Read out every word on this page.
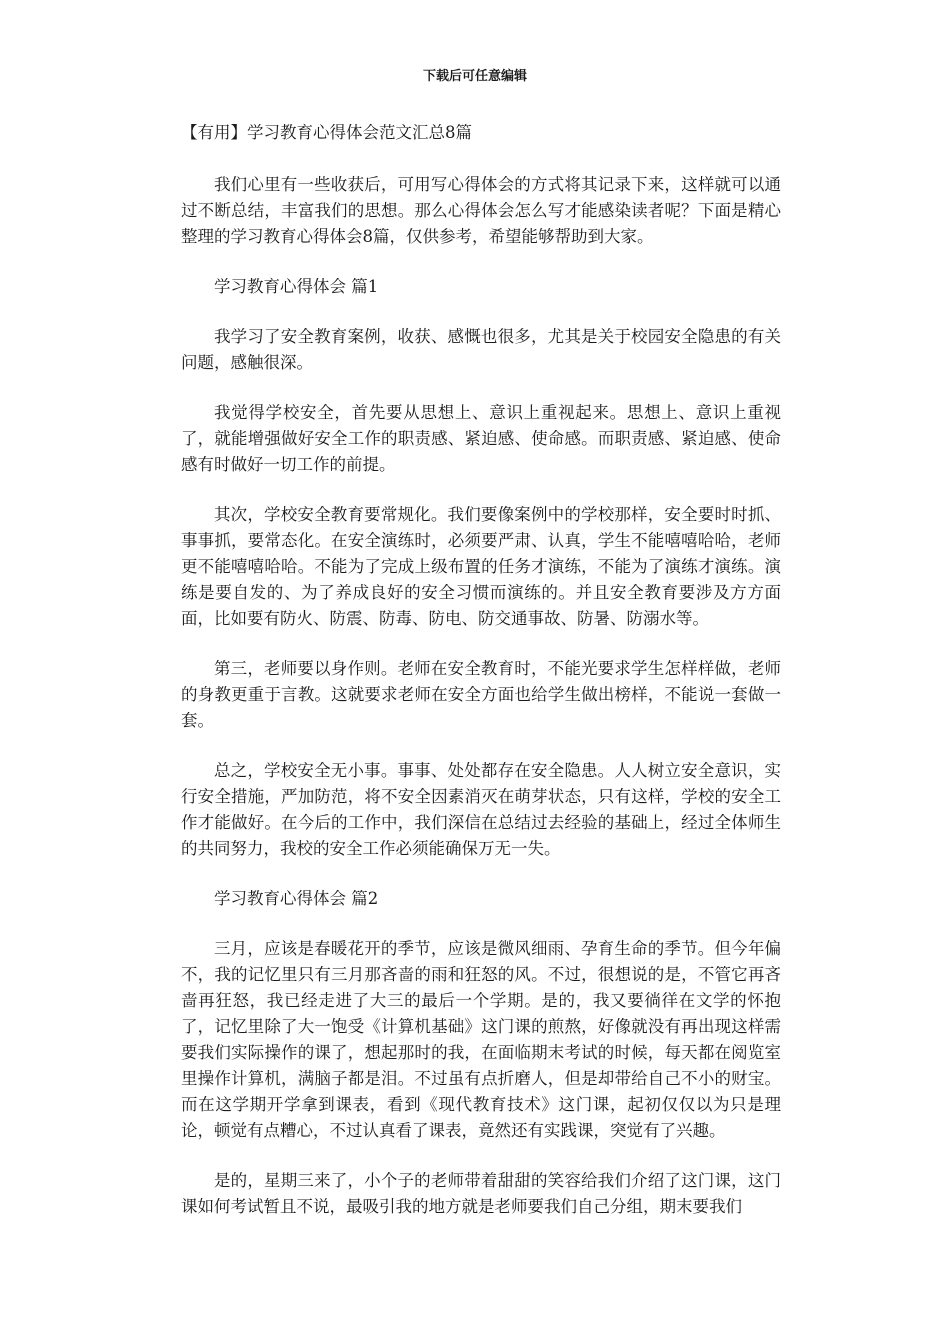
下载后可任意编辑
【有用】学习教育心得体会范文汇总8篇

我们心里有一些收获后，可用写心得体会的方式将其记录下来，这样就可以通过不断总结，丰富我们的思想。那么心得体会怎么写才能感染读者呢？下面是精心整理的学习教育心得体会8篇，仅供参考，希望能够帮助到大家。

学习教育心得体会 篇1

我学习了安全教育案例，收获、感慨也很多，尤其是关于校园安全隐患的有关问题，感触很深。

我觉得学校安全，首先要从思想上、意识上重视起来。思想上、意识上重视了，就能增强做好安全工作的职责感、紧迫感、使命感。而职责感、紧迫感、使命感有时做好一切工作的前提。

其次，学校安全教育要常规化。我们要像案例中的学校那样，安全要时时抓、事事抓，要常态化。在安全演练时，必须要严肃、认真，学生不能嘻嘻哈哈，老师更不能嘻嘻哈哈。不能为了完成上级布置的任务才演练，不能为了演练才演练。演练是要自发的、为了养成良好的安全习惯而演练的。并且安全教育要涉及方方面面，比如要有防火、防震、防毒、防电、防交通事故、防暑、防溺水等。

第三，老师要以身作则。老师在安全教育时，不能光要求学生怎样样做，老师的身教更重于言教。这就要求老师在安全方面也给学生做出榜样，不能说一套做一套。

总之，学校安全无小事。事事、处处都存在安全隐患。人人树立安全意识，实行安全措施，严加防范，将不安全因素消灭在萌芽状态，只有这样，学校的安全工作才能做好。在今后的工作中，我们深信在总结过去经验的基础上，经过全体师生的共同努力，我校的安全工作必须能确保万无一失。

学习教育心得体会 篇2

三月，应该是春暖花开的季节，应该是微风细雨、孕育生命的季节。但今年偏不，我的记忆里只有三月那吝啬的雨和狂怒的风。不过，很想说的是，不管它再吝啬再狂怒，我已经走进了大三的最后一个学期。是的，我又要徜徉在文学的怀抱了，记忆里除了大一饱受《计算机基础》这门课的煎熬，好像就没有再出现这样需要我们实际操作的课了，想起那时的我，在面临期末考试的时候，每天都在阅览室里操作计算机，满脑子都是泪。不过虽有点折磨人，但是却带给自己不小的财宝。而在这学期开学拿到课表，看到《现代教育技术》这门课，起初仅仅以为只是理论，顿觉有点糟心，不过认真看了课表，竟然还有实践课，突觉有了兴趣。

是的，星期三来了，小个子的老师带着甜甜的笑容给我们介绍了这门课，这门课如何考试暂且不说，最吸引我的地方就是老师要我们自己分组，期末要我们
